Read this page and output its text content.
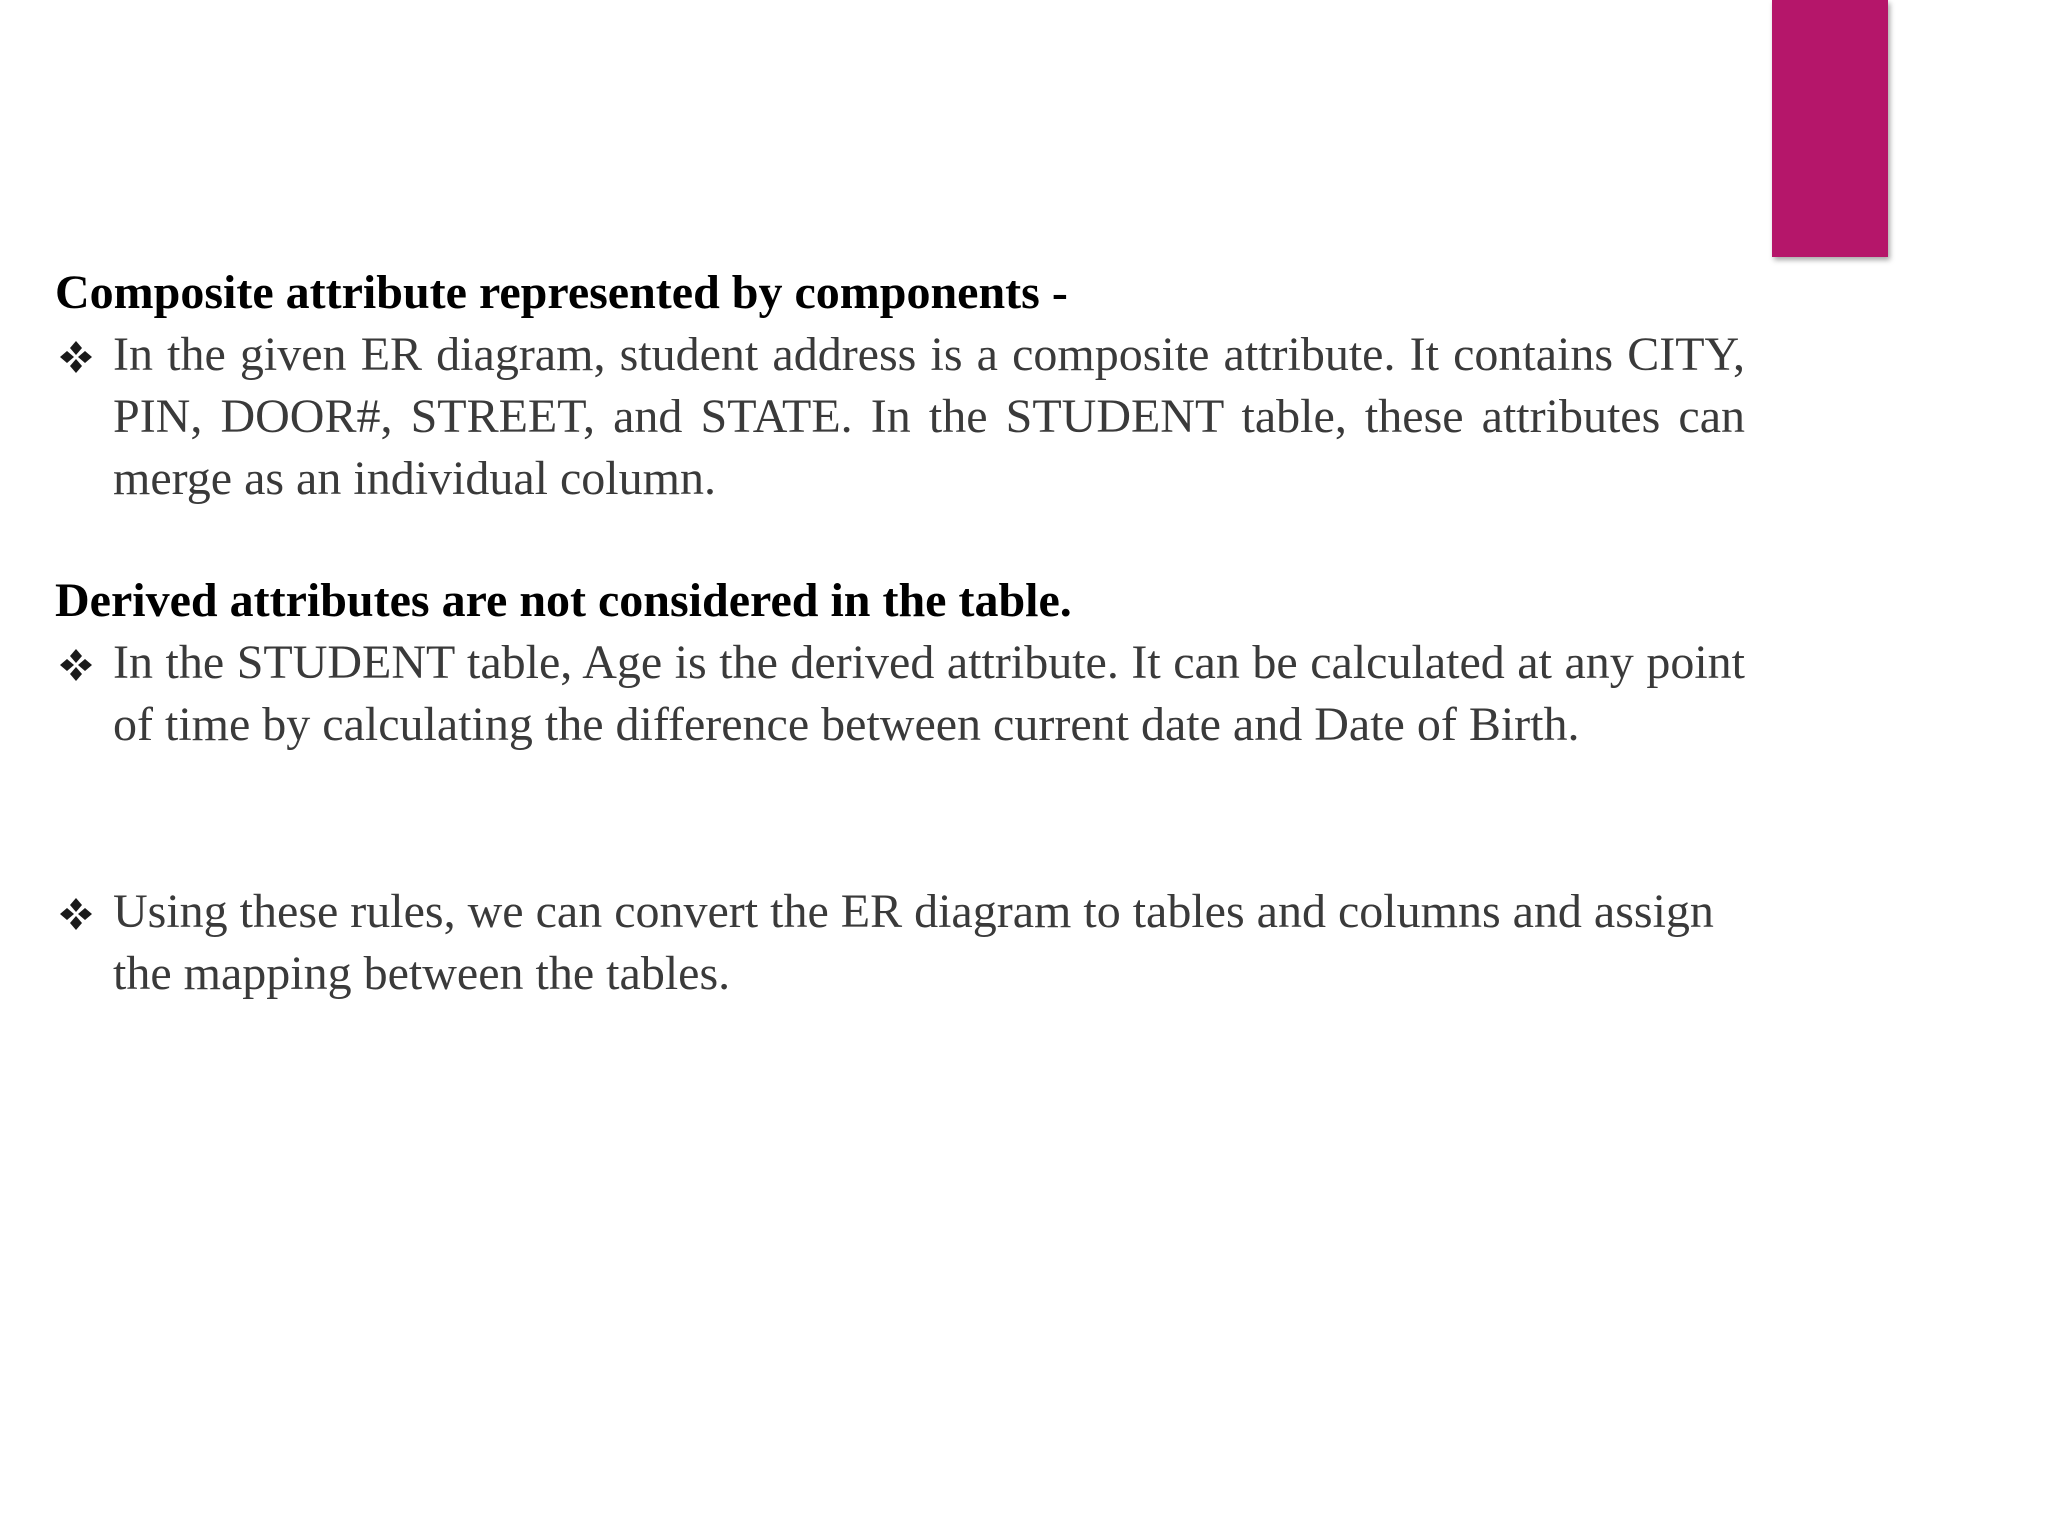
Composite attribute represented by components -

In the given ER diagram, student address is a composite attribute. It contains CITY, PIN, DOOR#, STREET, and STATE. In the STUDENT table, these attributes can merge as an individual column.

Derived attributes are not considered in the table.

In the STUDENT table, Age is the derived attribute. It can be calculated at any point of time by calculating the difference between current date and Date of Birth.
Using these rules, we can convert the ER diagram to tables and columns and assign the mapping between the tables.
